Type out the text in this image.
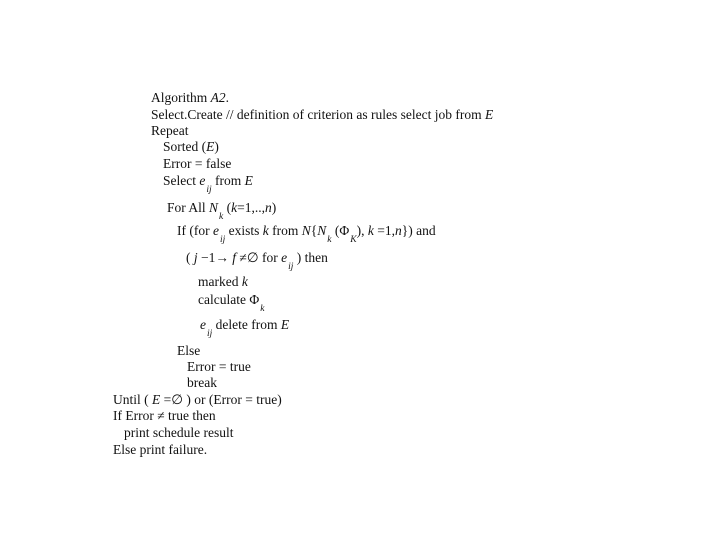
Algorithm A2.
Select.Create // definition of criterion as rules select job from E
Repeat
Sorted (E)
Error = false
Select $e_{ij}$ from E
For All $N_k$ (k=1,..,n)
If (for $e_{ij}$ exists k from $N\{N_k$ $(\Phi_K)$, k =1,n}) and
( j −1→ f ≠∅ for $e_{ij}$ ) then
marked k
calculate $\Phi_k$
$e_{ij}$ delete from E
Else
Error = true
break
Until ( E =∅ ) or (Error = true)
If Error ≠ true then
print schedule result
Else print failure.
